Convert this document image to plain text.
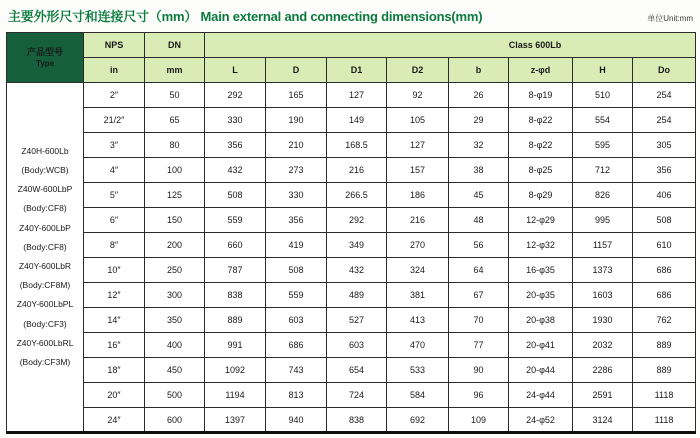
主要外形尺寸和连接尺寸（mm） Main external and connecting dimensions(mm)	单位Unit:mm
产品型号
Type	NPS	DN	Class 600Lb							
	in	mm	L	D	D1	D2	b	z-φd	H	Do

Z40H-600Lb
(Body:WCB)
Z40W-600LbP
(Body:CF8)
Z40Y-600LbP
(Body:CF8)
Z40Y-600LbR
(Body:CF8M)
Z40Y-600LbPL
(Body:CF3)
Z40Y-600LbRL
(Body:CF3M)
	2″	50	292	165	127	92	26	8-φ19	510	254
	21/2″	65	330	190	149	105	29	8-φ22	554	254
	3″	80	356	210	168.5	127	32	8-φ22	595	305
	4″	100	432	273	216	157	38	8-φ25	712	356
	5″	125	508	330	266.5	186	45	8-φ29	826	406
	6″	150	559	356	292	216	48	12-φ29	995	508
	8″	200	660	419	349	270	56	12-φ32	1157	610
	10″	250	787	508	432	324	64	16-φ35	1373	686
	12″	300	838	559	489	381	67	20-φ35	1603	686
	14″	350	889	603	527	413	70	20-φ38	1930	762
	16″	400	991	686	603	470	77	20-φ41	2032	889
	18″	450	1092	743	654	533	90	20-φ44	2286	889
	20″	500	1194	813	724	584	96	24-φ44	2591	1118
	24″	600	1397	940	838	692	109	24-φ52	3124	1118
